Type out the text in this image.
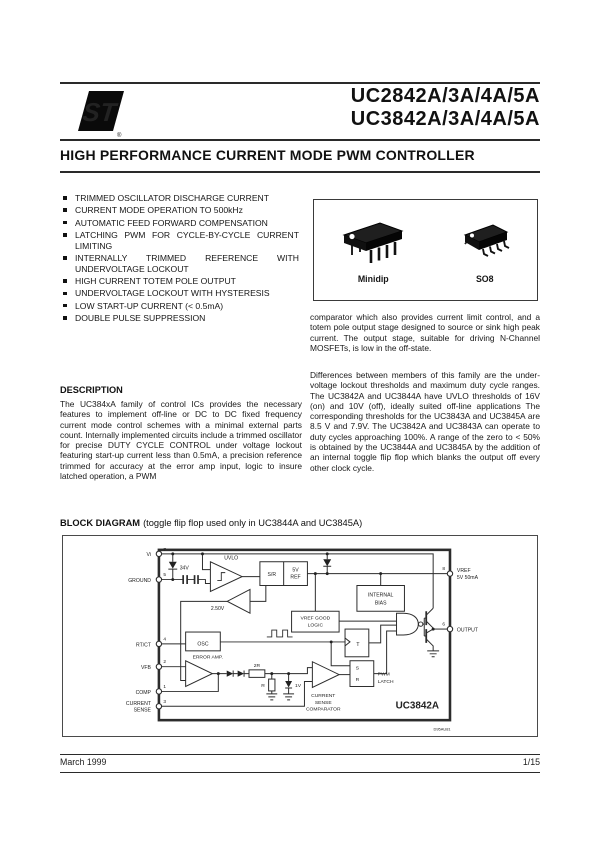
ST
®
UC2842A/3A/4A/5A
UC3842A/3A/4A/5A
HIGH PERFORMANCE CURRENT MODE PWM CONTROLLER
TRIMMED OSCILLATOR DISCHARGE CURRENT
CURRENT MODE OPERATION TO 500kHz
AUTOMATIC FEED FORWARD COMPENSATION
LATCHING PWM FOR CYCLE-BY-CYCLE CURRENT LIMITING
INTERNALLY TRIMMED REFERENCE WITH UNDERVOLTAGE LOCKOUT
HIGH CURRENT TOTEM POLE OUTPUT
UNDERVOLTAGE LOCKOUT WITH HYSTERESIS
LOW START-UP CURRENT (< 0.5mA)
DOUBLE PULSE SUPPRESSION
Minidip	SO8
comparator which also provides current limit control, and a totem pole output stage designed to source or sink high peak current. The output stage, suitable for driving N-Channel MOSFETs, is low in the off-state.
Differences between members of this family are the under-voltage lockout thresholds and maximum duty cycle ranges. The UC3842A and UC3844A have UVLO thresholds of 16V (on) and 10V (off), ideally suited off-line applications The corresponding thresholds for the UC3843A and UC3845A are 8.5 V and 7.9V. The UC3842A and UC3843A can operate to duty cycles approaching 100%. A range of the zero to < 50% is obtained by the UC3844A and UC3845A by the addition of an internal toggle flip flop which blanks the output off every other clock cycle.
DESCRIPTION
The UC384xA family of control ICs provides the necessary features to implement off-line or DC to DC fixed frequency current mode control schemes with a minimal external parts count. Internally implemented circuits include a trimmed oscillator for precise DUTY CYCLE CONTROL under voltage lockout featuring start-up current less than 0.5mA, a precision reference trimmed for accuracy at the error amp input, logic to insure latched operation, a PWM
BLOCK DIAGRAM (toggle flip flop used only in UC3844A and UC3845A)
Vi
GROUND
RT/CT
VFB
COMP
CURRENT
SENSE
VREF
5V 50mA
OUTPUT
7
5
4
2
1
3
8
6
34V
UVLO
S/R
5V
REF
2.50V
INTERNAL
BIAS
VREF GOOD
LOGIC
OSC
ERROR AMP.
2R
R	1V
T
S
R
PWM
LATCH
CURRENT
SENSE
COMPARATOR	UC3842A
D95AU81
March 1999	1/15
